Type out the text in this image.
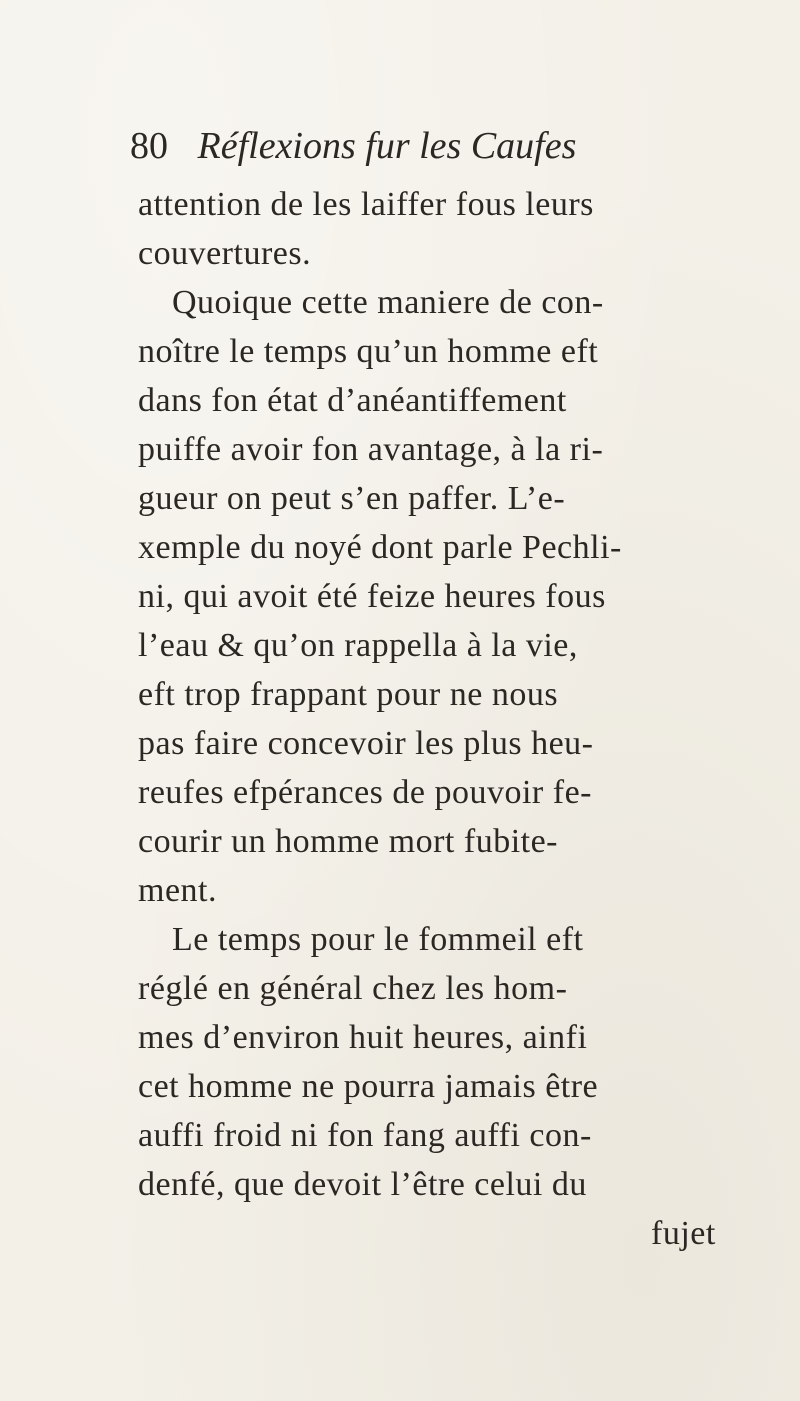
80 Réflexions fur les Caufes
attention de les laiffer fous leurs
couvertures.
Quoique cette maniere de con-
noître le temps qu’un homme eft
dans fon état d’anéantiffement
puiffe avoir fon avantage, à la ri-
gueur on peut s’en paffer. L’e-
xemple du noyé dont parle Pechli-
ni, qui avoit été feize heures fous
l’eau & qu’on rappella à la vie,
eft trop frappant pour ne nous
pas faire concevoir les plus heu-
reufes efpérances de pouvoir fe-
courir un homme mort fubite-
ment.
Le temps pour le fommeil eft
réglé en général chez les hom-
mes d’environ huit heures, ainfi
cet homme ne pourra jamais être
auffi froid ni fon fang auffi con-
denfé, que devoit l’être celui du
fujet
